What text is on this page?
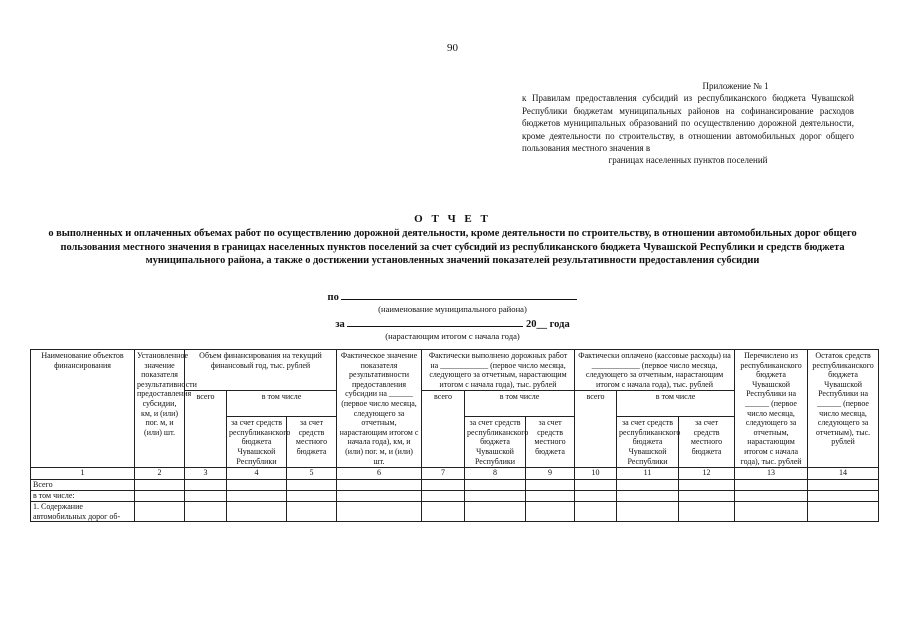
90
Приложение № 1
к Правилам предоставления субсидий из республиканского бюджета Чувашской Республики бюджетам муниципальных районов на софинансирование расходов бюджетов муниципальных образований по осуществлению дорожной деятельности, кроме деятельности по строительству, в отношении автомобильных дорог общего пользования местного значения в
границах населенных пунктов поселений
О Т Ч Е Т
о выполненных и оплаченных объемах работ по осуществлению дорожной деятельности, кроме деятельности по строительству, в отношении автомобильных дорог общего пользования местного значения в границах населенных пунктов поселений за счет субсидий из республиканского бюджета Чувашской Республики и средств бюджета муниципального района, а также о достижении установленных значений показателей результативности предоставления субсидии
по
(наименование муниципального района)
за	20__ года
(нарастающим итогом с начала года)
Наименование объектов финансирования	Установленное значение показателя результативности предоставления субсидии, км, и (или) пог. м, и (или) шт.	Объем финансирования на текущий финансовый год, тыс. рублей			Фактическое значение показателя результативности предоставления субсидии на ______ (первое число месяца, следующего за отчетным, нарастающим итогом с начала года), км, и (или) пог. м, и (или) шт.	Фактически выполнено дорожных работ на ____________ (первое число месяца, следующего за отчетным, нарастающим итогом с начала года), тыс. рублей			Фактически оплачено (кассовые расходы) на ____________ (первое число месяца, следующего за отчетным, нарастающим итогом с начала года), тыс. рублей			Перечислено из республиканского бюджета Чувашской Республики на ______ (первое число месяца, следующего за отчетным, нарастающим итогом с начала года), тыс. рублей	Остаток средств республиканского бюджета Чувашской Республики на ______ (первое число месяца, следующего за отчетным), тыс. рублей
		всего	в том числе			всего	в том числе		всего	в том числе			
			за счет средств республиканского бюджета Чувашской Республики	за счет средств местного бюджета			за счет средств республиканского бюджета Чувашской Республики	за счет средств местного бюджета		за счет средств республиканского бюджета Чувашской Республики	за счет средств местного бюджета		
1	2	3	4	5	6	7	8	9	10	11	12	13	14
Всего													
в том числе:													
1. Содержание автомобильных дорог об-													
